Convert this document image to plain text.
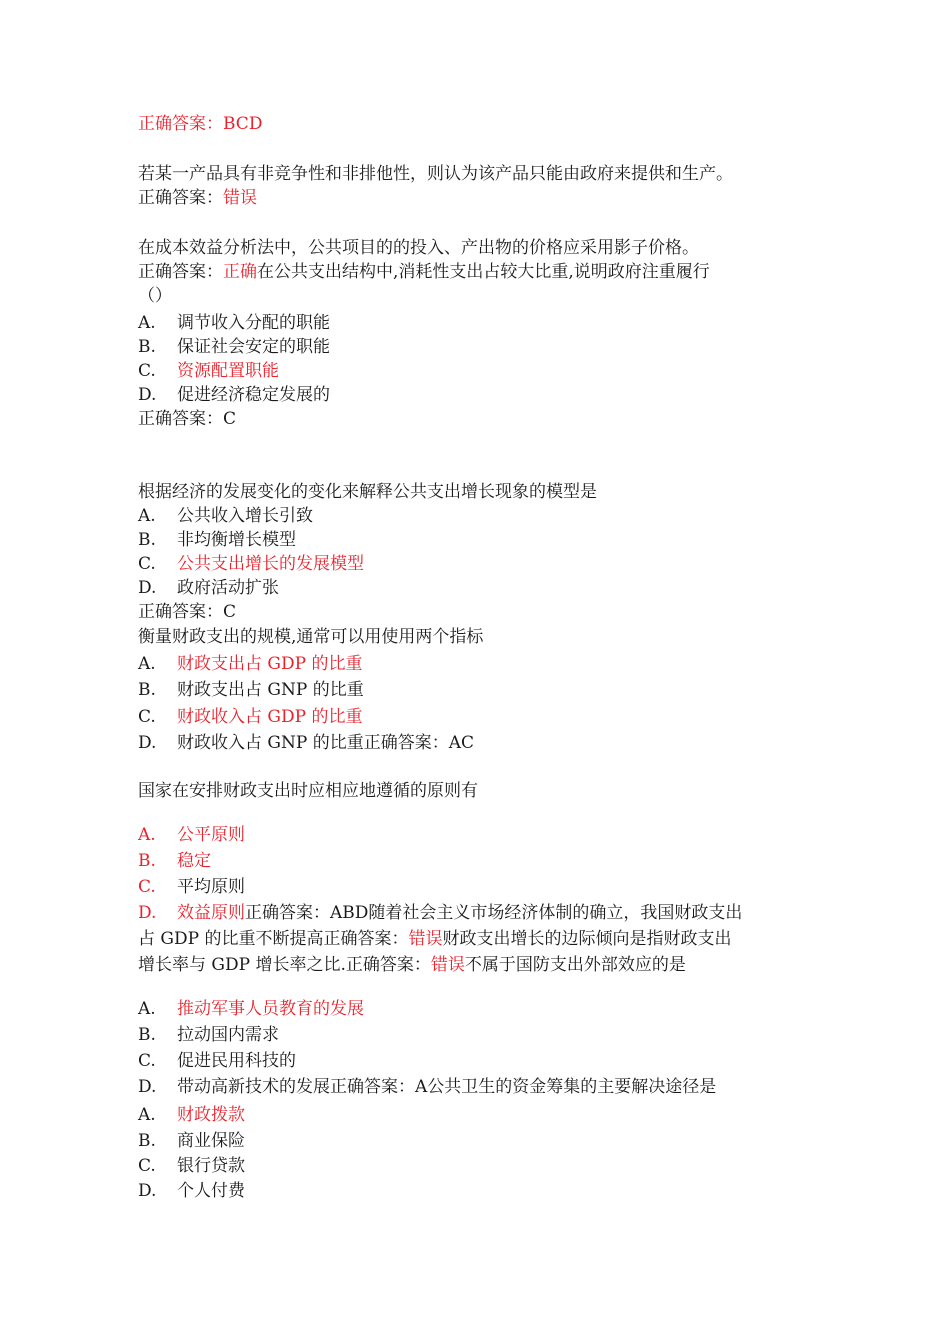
正确答案：BCD
若某一产品具有非竞争性和非排他性，则认为该产品只能由政府来提供和生产。
正确答案：错误
在成本效益分析法中，公共项目的的投入、产出物的价格应采用影子价格。
正确答案：正确在公共支出结构中,消耗性支出占较大比重,说明政府注重履行
（）
A. 调节收入分配的职能
B. 保证社会安定的职能
C. 资源配置职能
D. 促进经济稳定发展的
正确答案：C
根据经济的发展变化的变化来解释公共支出增长现象的模型是
A. 公共收入增长引致
B. 非均衡增长模型
C. 公共支出增长的发展模型
D. 政府活动扩张
正确答案：C
衡量财政支出的规模,通常可以用使用两个指标
A. 财政支出占 GDP 的比重
B. 财政支出占 GNP 的比重
C. 财政收入占 GDP 的比重
D. 财政收入占 GNP 的比重正确答案：AC
国家在安排财政支出时应相应地遵循的原则有
A. 公平原则
B. 稳定
C. 平均原则
D. 效益原则正确答案：ABD随着社会主义市场经济体制的确立，我国财政支出
占 GDP 的比重不断提高正确答案：错误财政支出增长的边际倾向是指财政支出
增长率与 GDP 增长率之比.正确答案：错误不属于国防支出外部效应的是
A. 推动军事人员教育的发展
B. 拉动国内需求
C. 促进民用科技的
D. 带动高新技术的发展正确答案：A公共卫生的资金筹集的主要解决途径是
A. 财政拨款
B. 商业保险
C. 银行贷款
D. 个人付费
